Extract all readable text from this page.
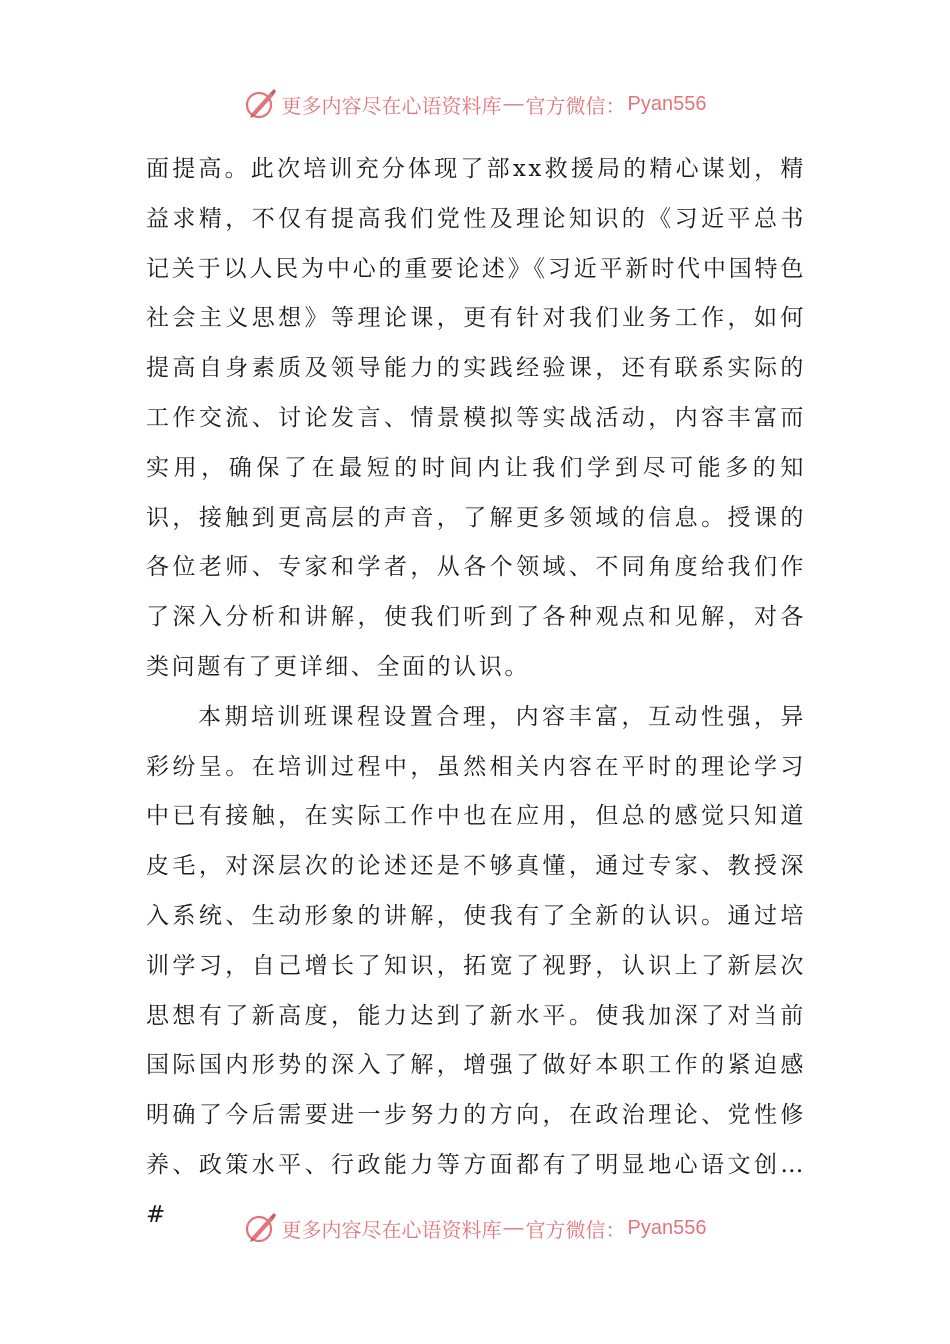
更多内容尽在心语资料库 — 官方微信： Pyan556

面提高。此次培训充分体现了部xx救援局的精心谋划，精益求精，不仅有提高我们党性及理论知识的《习近平总书记关于以人民为中心的重要论述》《习近平新时代中国特色社会主义思想》等理论课，更有针对我们业务工作，如何提高自身素质及领导能力的实践经验课，还有联系实际的工作交流、讨论发言、情景模拟等实战活动，内容丰富而实用，确保了在最短的时间内让我们学到尽可能多的知识，接触到更高层的声音，了解更多领域的信息。授课的各位老师、专家和学者，从各个领域、不同角度给我们作了深入分析和讲解，使我们听到了各种观点和见解，对各类问题有了更详细、全面的认识。

本期培训班课程设置合理，内容丰富，互动性强，异彩纷呈。在培训过程中，虽然相关内容在平时的理论学习中已有接触，在实际工作中也在应用，但总的感觉只知道皮毛，对深层次的论述还是不够真懂，通过专家、教授深入系统、生动形象的讲解，使我有了全新的认识。通过培训学习，自己增长了知识，拓宽了视野，认识上了新层次思想有了新高度，能力达到了新水平。使我加深了对当前国际国内形势的深入了解，增强了做好本职工作的紧迫感明确了今后需要进一步努力的方向，在政治理论、党性修养、政策水平、行政能力等方面都有了明显地心语文创…#

更多内容尽在心语资料库 — 官方微信： Pyan556
